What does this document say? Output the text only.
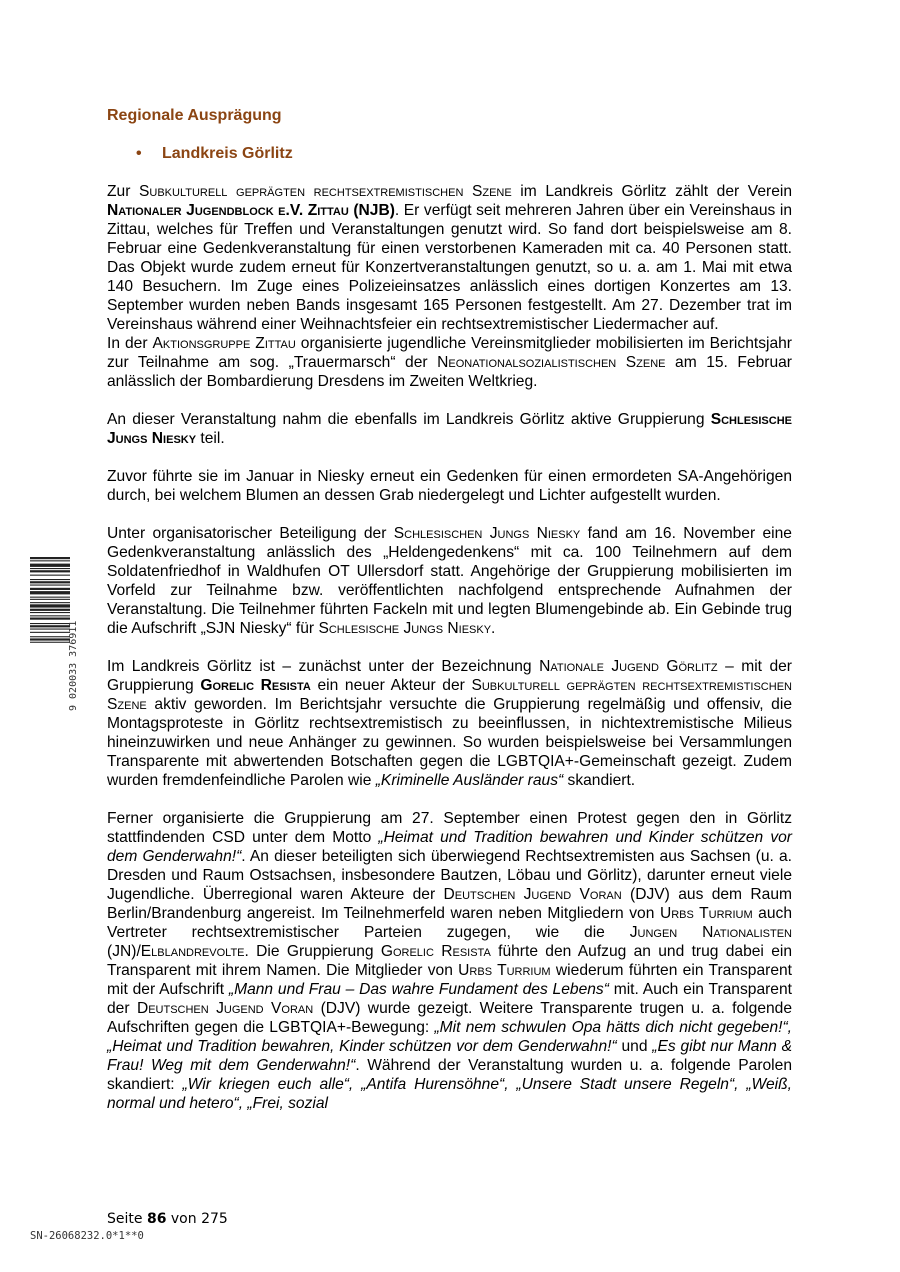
9 020033 376911
Regionale Ausprägung
• Landkreis Görlitz

Zur Subkulturell geprägten rechtsextremistischen Szene im Landkreis Görlitz zählt der Verein Nationaler Jugendblock e.V. Zittau (NJB). Er verfügt seit mehreren Jahren über ein Vereinshaus in Zittau, welches für Treffen und Veranstaltungen genutzt wird. So fand dort beispielsweise am 8. Februar eine Gedenkveranstaltung für einen verstorbenen Kameraden mit ca. 40 Personen statt. Das Objekt wurde zudem erneut für Konzertveranstaltungen genutzt, so u. a. am 1. Mai mit etwa 140 Besuchern. Im Zuge eines Polizeieinsatzes anlässlich eines dortigen Konzertes am 13. September wurden neben Bands insgesamt 165 Personen festgestellt. Am 27. Dezember trat im Vereinshaus während einer Weihnachtsfeier ein rechtsextremistischer Liedermacher auf.

In der Aktionsgruppe Zittau organisierte jugendliche Vereinsmitglieder mobilisierten im Berichtsjahr zur Teilnahme am sog. „Trauermarsch“ der Neonationalsozialistischen Szene am 15. Februar anlässlich der Bombardierung Dresdens im Zweiten Weltkrieg.

An dieser Veranstaltung nahm die ebenfalls im Landkreis Görlitz aktive Gruppierung Schlesische Jungs Niesky teil.

Zuvor führte sie im Januar in Niesky erneut ein Gedenken für einen ermordeten SA-Angehörigen durch, bei welchem Blumen an dessen Grab niedergelegt und Lichter aufgestellt wurden.

Unter organisatorischer Beteiligung der Schlesischen Jungs Niesky fand am 16. November eine Gedenkveranstaltung anlässlich des „Heldengedenkens“ mit ca. 100 Teilnehmern auf dem Soldatenfriedhof in Waldhufen OT Ullersdorf statt. Angehörige der Gruppierung mobilisierten im Vorfeld zur Teilnahme bzw. veröffentlichten nachfolgend entsprechende Aufnahmen der Veranstaltung. Die Teilnehmer führten Fackeln mit und legten Blumengebinde ab. Ein Gebinde trug die Aufschrift „SJN Niesky“ für Schlesische Jungs Niesky.

Im Landkreis Görlitz ist – zunächst unter der Bezeichnung Nationale Jugend Görlitz – mit der Gruppierung Gorelic Resista ein neuer Akteur der Subkulturell geprägten rechtsextremistischen Szene aktiv geworden. Im Berichtsjahr versuchte die Gruppierung regelmäßig und offensiv, die Montagsproteste in Görlitz rechtsextremistisch zu beeinflussen, in nichtextremistische Milieus hineinzuwirken und neue Anhänger zu gewinnen. So wurden beispielsweise bei Versammlungen Transparente mit abwertenden Botschaften gegen die LGBTQIA+-Gemeinschaft gezeigt. Zudem wurden fremdenfeindliche Parolen wie „Kriminelle Ausländer raus“ skandiert.

Ferner organisierte die Gruppierung am 27. September einen Protest gegen den in Görlitz stattfindenden CSD unter dem Motto „Heimat und Tradition bewahren und Kinder schützen vor dem Genderwahn!“. An dieser beteiligten sich überwiegend Rechtsextremisten aus Sachsen (u. a. Dresden und Raum Ostsachsen, insbesondere Bautzen, Löbau und Görlitz), darunter erneut viele Jugendliche. Überregional waren Akteure der Deutschen Jugend Voran (DJV) aus dem Raum Berlin/Brandenburg angereist. Im Teilnehmerfeld waren neben Mitgliedern von Urbs Turrium auch Vertreter rechtsextremistischer Parteien zugegen, wie die Jungen Nationalisten (JN)/Elblandrevolte. Die Gruppierung Gorelic Resista führte den Aufzug an und trug dabei ein Transparent mit ihrem Namen. Die Mitglieder von Urbs Turrium wiederum führten ein Transparent mit der Aufschrift „Mann und Frau – Das wahre Fundament des Lebens“ mit. Auch ein Transparent der Deutschen Jugend Voran (DJV) wurde gezeigt. Weitere Transparente trugen u. a. folgende Aufschriften gegen die LGBTQIA+-Bewegung: „Mit nem schwulen Opa hätts dich nicht gegeben!“, „Heimat und Tradition bewahren, Kinder schützen vor dem Genderwahn!“ und „Es gibt nur Mann & Frau! Weg mit dem Genderwahn!“. Während der Veranstaltung wurden u. a. folgende Parolen skandiert: „Wir kriegen euch alle“, „Antifa Hurensöhne“, „Unsere Stadt unsere Regeln“, „Weiß, normal und hetero“, „Frei, sozial

Seite 86 von 275
SN-26068232.0*1**0
